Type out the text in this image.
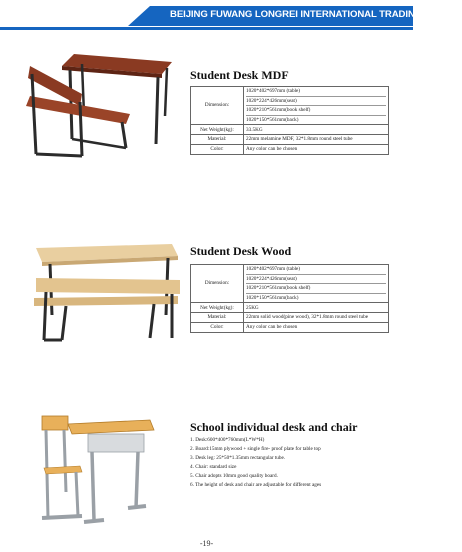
BEIJING FUWANG LONGREI INTERNATIONAL TRADING CO.,LTD
Student Desk MDF
Dimension:	1020*402*697mm (table)
1020*224*426mm(seat)
1020*210*561mm(book shelf)
1020*150*561mm(back)

Net Weight(kg):	33.5KG
Material:	22mm melamine MDF, 32*1.8mm round steel tube
Color:	Any color can be chosen
Student Desk Wood
Dimension:	1020*402*697mm (table)
1020*224*426mm(seat)
1020*210*561mm(book shelf)
1020*150*561mm(back)

Net Weight(kg):	25KG
Material:	22mm solid wood(pine wood), 32*1.8mm round steel tube
Color:	Any color can be chosen
School individual desk and chair
1. Desk:600*400*760mm(L*W*H)
2. Board:15mm plywood + single fire- proof plate for table top
3. Desk leg: 25*50*1.35mm rectangular tube.
4. Chair: standard size
5. Chair adopts 10mm good quality board.
6. The height of desk and chair are adjustable for different ages
-19-
